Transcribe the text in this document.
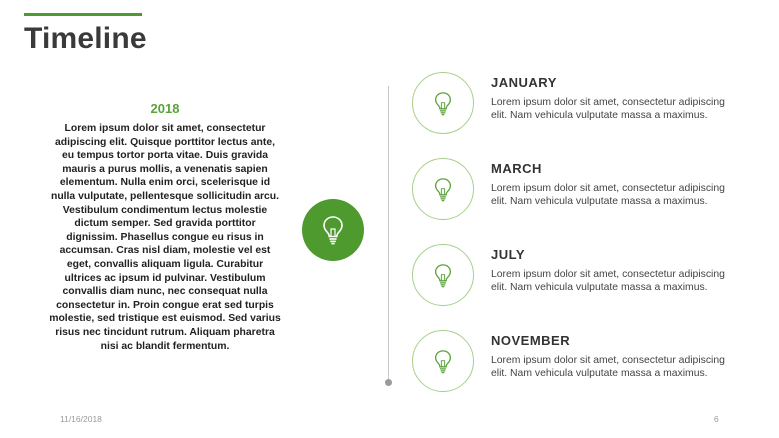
Timeline
2018
Lorem ipsum dolor sit amet, consectetur adipiscing elit. Quisque porttitor lectus ante, eu tempus tortor porta vitae. Duis gravida mauris a purus mollis, a venenatis sapien elementum. Nulla enim orci, scelerisque id nulla vulputate, pellentesque sollicitudin arcu. Vestibulum condimentum lectus molestie dictum semper. Sed gravida porttitor dignissim. Phasellus congue eu risus in accumsan. Cras nisl diam, molestie vel est eget, convallis aliquam ligula. Curabitur ultrices ac ipsum id pulvinar. Vestibulum convallis diam nunc, nec consequat nulla consectetur in. Proin congue erat sed turpis molestie, sed tristique est euismod. Sed varius risus nec tincidunt rutrum. Aliquam pharetra nisi ac blandit fermentum.
JANUARY
Lorem ipsum dolor sit amet, consectetur adipiscing elit. Nam vehicula vulputate massa a maximus.
MARCH
Lorem ipsum dolor sit amet, consectetur adipiscing elit. Nam vehicula vulputate massa a maximus.
JULY
Lorem ipsum dolor sit amet, consectetur adipiscing elit. Nam vehicula vulputate massa a maximus.
NOVEMBER
Lorem ipsum dolor sit amet, consectetur adipiscing elit. Nam vehicula vulputate massa a maximus.
11/16/2018	6
